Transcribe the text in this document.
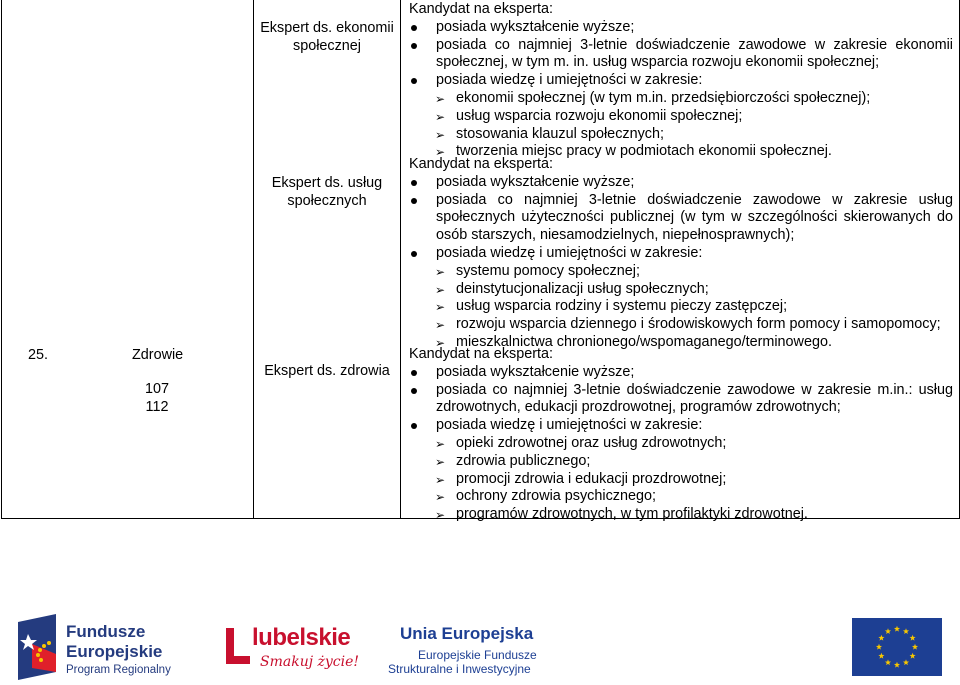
25.	Zdrowie
107
112
Ekspert ds. ekonomii społecznej
Ekspert ds. usług społecznych
Ekspert ds. zdrowia
Kandydat na eksperta:
posiada wykształcenie wyższe;
posiada co najmniej 3-letnie doświadczenie zawodowe w zakresie ekonomii społecznej, w tym m. in. usług wsparcia rozwoju ekonomii społecznej;
posiada wiedzę i umiejętności w zakresie:
➢ ekonomii społecznej (w tym m.in. przedsiębiorczości społecznej);
➢ usług wsparcia rozwoju ekonomii społecznej;
➢ stosowania klauzul społecznych;
➢ tworzenia miejsc pracy w podmiotach ekonomii społecznej.
Kandydat na eksperta:
posiada wykształcenie wyższe;
posiada co najmniej 3-letnie doświadczenie zawodowe w zakresie usług społecznych użyteczności publicznej (w tym w szczególności skierowanych do osób starszych, niesamodzielnych, niepełnosprawnych);
posiada wiedzę i umiejętności w zakresie:
➢ systemu pomocy społecznej;
➢ deinstytucjonalizacji usług społecznych;
➢ usług wsparcia rodziny i systemu pieczy zastępczej;
➢ rozwoju wsparcia dziennego i środowiskowych form pomocy i samopomocy;
➢ mieszkalnictwa chronionego/wspomaganego/terminowego.
Kandydat na eksperta:
posiada wykształcenie wyższe;
posiada co najmniej 3-letnie doświadczenie zawodowe w zakresie m.in.: usług zdrowotnych, edukacji prozdrowotnej, programów zdrowotnych;
posiada wiedzę i umiejętności w zakresie:
➢ opieki zdrowotnej oraz usług zdrowotnych;
➢ zdrowia publicznego;
➢ promocji zdrowia i edukacji prozdrowotnej;
➢ ochrony zdrowia psychicznego;
➢ programów zdrowotnych, w tym profilaktyki zdrowotnej.
Fundusze
Europejskie
Program Regionalny
lubelskie
Smakuj życie!
Unia Europejska
Europejskie Fundusze
Strukturalne i Inwestycyjne
